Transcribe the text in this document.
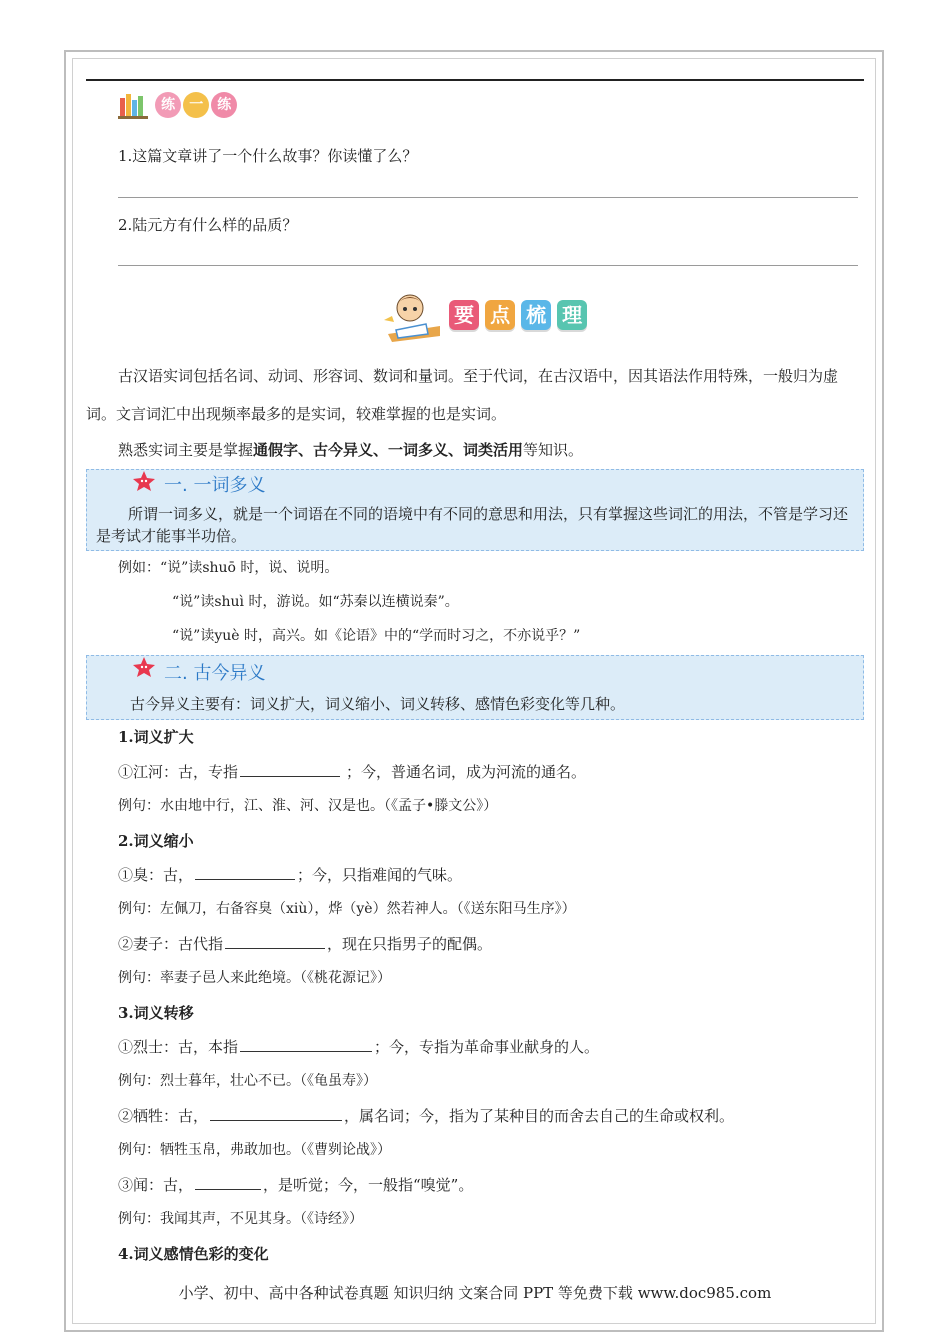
练 一 练
1.这篇文章讲了一个什么故事？你读懂了么？
2.陆元方有什么样的品质？
要 点 梳 理
古汉语实词包括名词、动词、形容词、数词和量词。至于代词，在古汉语中，因其语法作用特殊，一般归为虚词。文言词汇中出现频率最多的是实词，较难掌握的也是实词。
熟悉实词主要是掌握通假字、古今异义、一词多义、词类活用等知识。
一. 一词多义
所谓一词多义，就是一个词语在不同的语境中有不同的意思和用法，只有掌握这些词汇的用法，不管是学习还是考试才能事半功倍。
例如：“说”读shuō 时，说、说明。
“说”读shuì 时，游说。如“苏秦以连横说秦”。
“说”读yuè 时，高兴。如《论语》中的“学而时习之，不亦说乎？”
二. 古今异义
古今异义主要有：词义扩大，词义缩小、词义转移、感情色彩变化等几种。
1.词义扩大
①江河：古，专指	；今，普通名词，成为河流的通名。
例句：水由地中行，江、淮、河、汉是也。（《孟子•滕文公》）
2.词义缩小
①臭：古，	；今，只指难闻的气味。
例句：左佩刀，右备容臭（xiù），烨（yè）然若神人。（《送东阳马生序》）
②妻子：古代指	，现在只指男子的配偶。
例句：率妻子邑人来此绝境。（《桃花源记》）
3.词义转移
①烈士：古，本指	；今，专指为革命事业献身的人。
例句：烈士暮年，壮心不已。（《龟虽寿》）
②牺牲：古，	，属名词；今，指为了某种目的而舍去自己的生命或权利。
例句：牺牲玉帛，弗敢加也。（《曹刿论战》）
③闻：古，	，是听觉；今，一般指“嗅觉”。
例句：我闻其声，不见其身。（《诗经》）
4.词义感情色彩的变化
小学、初中、高中各种试卷真题 知识归纳 文案合同 PPT 等免费下载 www.doc985.com
